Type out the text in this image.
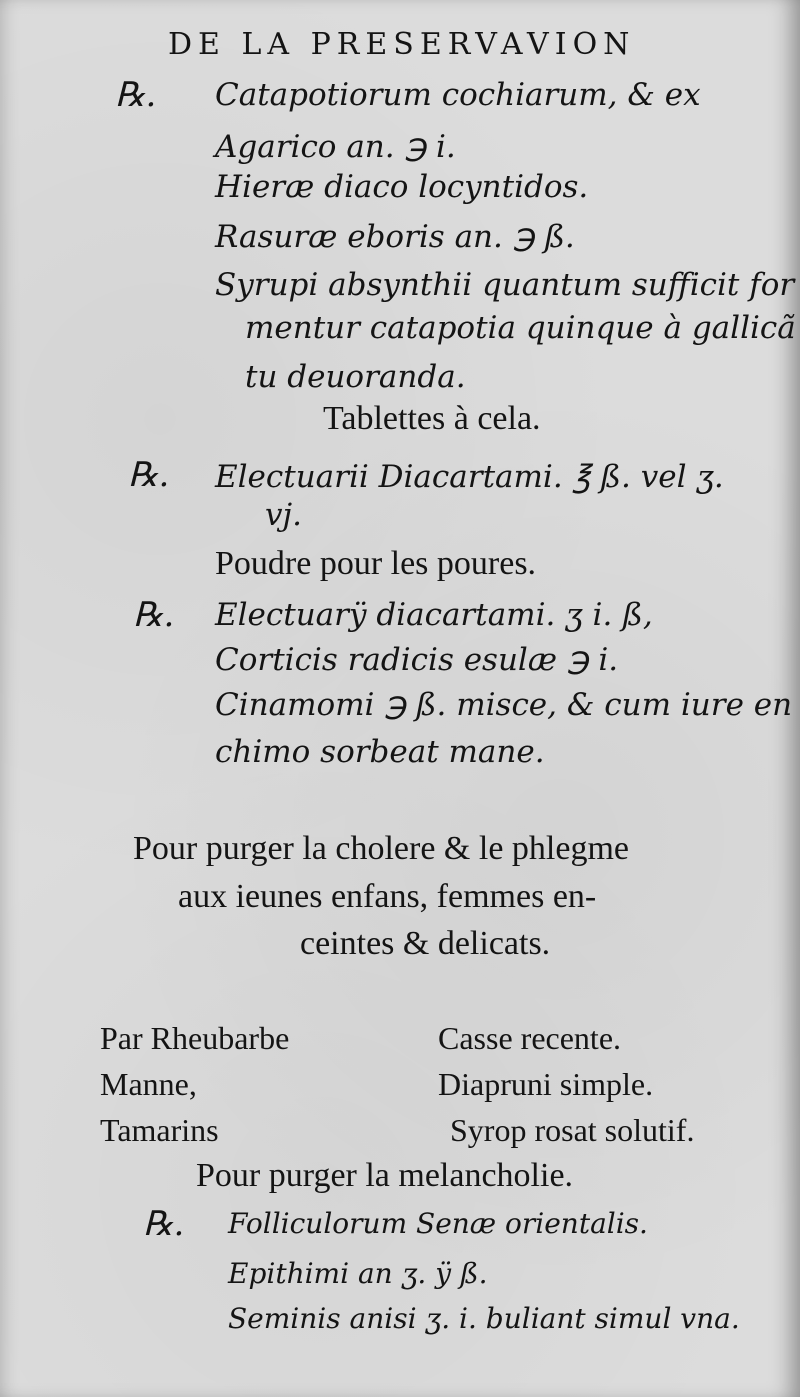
DE LA PRESERVAVION
℞. Catapotiorum cochiarum, & ex
Agarico an. ℈ i.
Hieræ diaco locyntidos.
Rasuræ eboris an. ℈ ß.
Syrupi absynthii quantum sufficit for
mentur catapotia quinque à gallicã
tu deuoranda.
Tablettes à cela.
℞. Electuarii Diacartami. ℥ ß. vel ʒ.
vj.
Poudre pour les poures.
℞. Electuarÿ diacartami. ʒ i. ß,
Corticis radicis esulæ ℈ i.
Cinamomi ℈ ß. misce, & cum iure en
chimo sorbeat mane.
Pour purger la cholere & le phlegme
aux ieunes enfans, femmes en-
ceintes & delicats.
Par Rheubarbe
Manne,
Tamarins
Casse recente.
Diapruni simple.
Syrop rosat solutif.
Pour purger la melancholie.
℞. Folliculorum Senæ orientalis.
Epithimi an ʒ. ÿ ß.
Seminis anisi ʒ. i. buliant simul vna.
